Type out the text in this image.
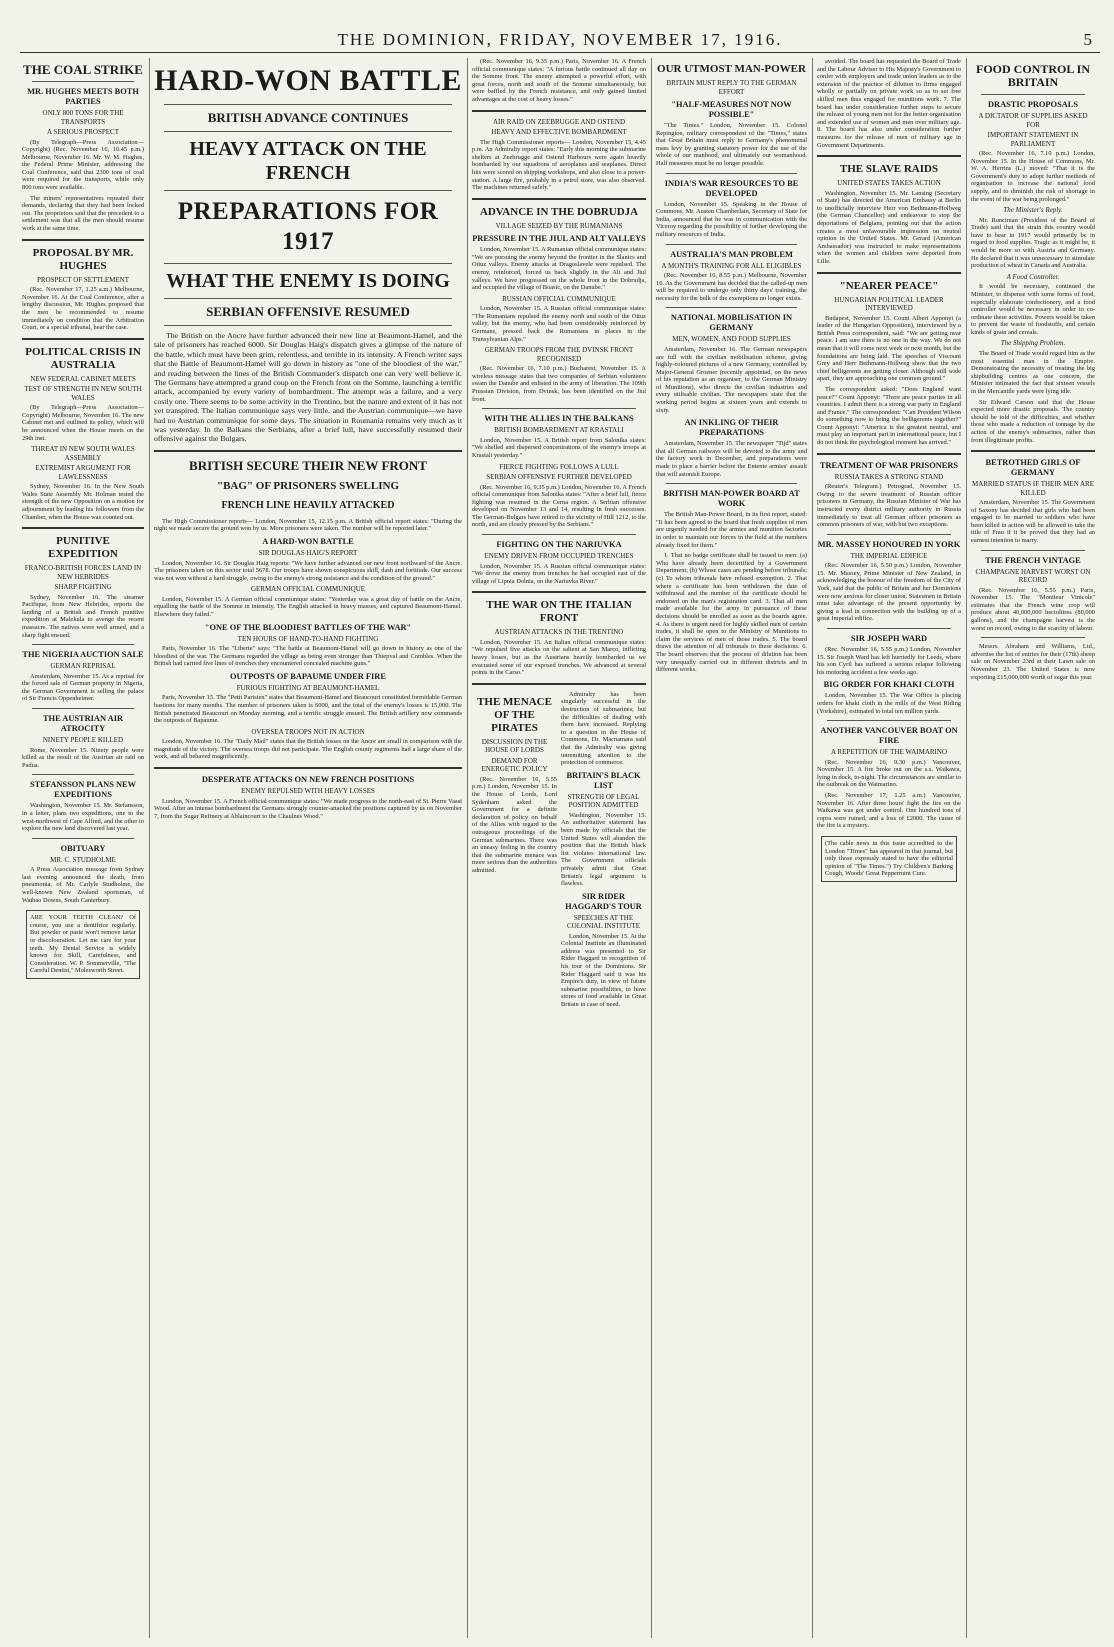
THE DOMINION, FRIDAY, NOVEMBER 17, 1916.	5
THE COAL STRIKE
MR. HUGHES MEETS BOTH PARTIES
ONLY 800 TONS FOR THE TRANSPORTS
A SERIOUS PROSPECT

(By Telegraph—Press Association—Copyright) (Rec. November 16, 10.45 p.m.) Melbourne, November 16. Mr. W. M. Hughes, the Federal Prime Minister, addressing the Coal Conference, said that 2300 tons of coal were required for the transports, while only 800 tons were available.

The miners' representatives repeated their demands, declaring that they had been locked out. The proprietors said that the precedent to a settlement was that all the men should resume work at the same time.

PROPOSAL BY MR. HUGHES
PROSPECT OF SETTLEMENT

(Rec. November 17, 1.25 a.m.) Melbourne, November 16. At the Coal Conference, after a lengthy discussion, Mr. Hughes proposed that the men be recommended to resume immediately on condition that the Arbitration Court, or a special tribunal, hear the case.

POLITICAL CRISIS IN AUSTRALIA
NEW FEDERAL CABINET MEETS
TEST OF STRENGTH IN NEW SOUTH WALES

(By Telegraph—Press Association—Copyright) Melbourne, November 16. The new Cabinet met and outlined its policy, which will be announced when the House meets on the 29th inst.

THREAT IN NEW SOUTH WALES ASSEMBLY
EXTREMIST ARGUMENT FOR LAWLESSNESS

Sydney, November 16. In the New South Wales State Assembly Mr. Holman tested the strength of the new Opposition on a motion for adjournment by leading his followers from the Chamber, when the House was counted out.

PUNITIVE EXPEDITION
FRANCO-BRITISH FORCES LAND IN NEW HEBRIDES
SHARP FIGHTING

Sydney, November 16. The steamer Pacifique, from New Hebrides, reports the landing of a British and French punitive expedition at Malekula to avenge the recent massacre. The natives were well armed, and a sharp fight ensued.

THE NIGERIA AUCTION SALE
GERMAN REPRISAL

Amsterdam, November 15. As a reprisal for the forced sale of German property in Nigeria, the German Government is selling the palace of Sir Francis Oppenheimer.

THE AUSTRIAN AIR ATROCITY
NINETY PEOPLE KILLED

Rome, November 15. Ninety people were killed as the result of the Austrian air raid on Padua.

STEFANSSON PLANS NEW EXPEDITIONS

Washington, November 15. Mr. Stefansson, in a letter, plans two expeditions, one to the west-northwest of Cape Alfred, and the other to explore the new land discovered last year.

OBITUARY
MR. C. STUDHOLME

A Press Association message from Sydney last evening announced the death, from pneumonia, of Mr. Carlyle Studholme, the well-known New Zealand sportsman, of Waihao Downs, South Canterbury.

ARE YOUR TEETH CLEAN? Of course, you use a dentifrice regularly. But powder or paste won't remove tartar or discolouration. Let me care for your teeth. My Dental Service is widely known for Skill, Carefulness, and Consideration. W. P. Sommerville, "The Careful Dentist," Molesworth Street.
HARD-WON BATTLE
BRITISH ADVANCE CONTINUES
HEAVY ATTACK ON THE FRENCH
PREPARATIONS FOR 1917
WHAT THE ENEMY IS DOING
SERBIAN OFFENSIVE RESUMED

The British on the Ancre have further advanced their new line at Beaumont-Hamel, and the tale of prisoners has reached 6000. Sir Douglas Haig's dispatch gives a glimpse of the nature of the battle, which must have been grim, relentless, and terrible in its intensity. A French writer says that the Battle of Beaumont-Hamel will go down in history as "one of the bloodiest of the war," and reading between the lines of the British Commander's dispatch one can very well believe it. The Germans have attempted a grand coup on the French front on the Somme, launching a terrific attack, accompanied by every variety of bombardment. The attempt was a failure, and a very costly one. There seems to be some activity in the Trentino, but the nature and extent of it has not yet transpired. The Italian communique says very little, and the Austrian communique—we have had no Austrian communique for some days. The situation in Roumania remains very much as it was yesterday. In the Balkans the Serbians, after a brief lull, have successfully resumed their offensive against the Bulgars.

BRITISH SECURE THEIR NEW FRONT
"BAG" OF PRISONERS SWELLING
FRENCH LINE HEAVILY ATTACKED

The High Commissioner reports— London, November 15, 12.15 p.m. A British official report states: "During the night we made secure the ground won by us. More prisoners were taken. The number will be reported later."

A HARD-WON BATTLE
SIR DOUGLAS HAIG'S REPORT

London, November 16. Sir Douglas Haig reports: "We have further advanced our new front northward of the Ancre. The prisoners taken on this sector total 5678. Our troops have shown conspicuous skill, dash and fortitude. Our success was not won without a hard struggle, owing to the enemy's strong resistance and the condition of the ground."

GERMAN OFFICIAL COMMUNIQUE

London, November 15. A German official communique states: "Yesterday was a great day of battle on the Ancre, equalling the battle of the Somme in intensity. The English attacked in heavy masses, and captured Beaumont-Hamel. Elsewhere they failed."

"ONE OF THE BLOODIEST BATTLES OF THE WAR"
TEN HOURS OF HAND-TO-HAND FIGHTING

Paris, November 16. The "Liberte" says: "The battle at Beaumont-Hamel will go down in history as one of the bloodiest of the war. The Germans regarded the village as being even stronger than Thiepval and Combles. When the British had carried five lines of trenches they encountered concealed machine guns."

OUTPOSTS OF BAPAUME UNDER FIRE
FURIOUS FIGHTING AT BEAUMONT-HAMEL

Paris, November 15. The "Petit Parisien" states that Beaumont-Hamel and Beaucourt constituted formidable German bastions for many months. The number of prisoners taken is 6000, and the total of the enemy's losses is 15,000. The British penetrated Beaucourt on Monday morning, and a terrific struggle ensued. The British artillery now commands the outposts of Bapaume.

OVERSEA TROOPS NOT IN ACTION

London, November 16. The "Daily Mail" states that the British losses on the Ancre are small in comparison with the magnitude of the victory. The oversea troops did not participate. The English county regiments had a large share of the work, and all behaved magnificently.

DESPERATE ATTACKS ON NEW FRENCH POSITIONS
ENEMY REPULSED WITH HEAVY LOSSES

London, November 15. A French official communique states: "We made progress to the north-east of St. Pierre Vaast Wood. After an intense bombardment the Germans strongly counter-attacked the positions captured by us on November 7, from the Sugar Refinery at Ablaincourt to the Chaulnes Wood."

(Rec. November 16, 9.35 p.m.) Paris, November 16. A French official communique states: "A furious battle continued all day on the Somme front. The enemy attempted a powerful effort, with great forces, north and south of the Somme simultaneously, but were baffled by the French resistance, and only gained limited advantages at the cost of heavy losses."

AIR RAID ON ZEEBRUGGE AND OSTEND
HEAVY AND EFFECTIVE BOMBARDMENT

The High Commissioner reports— London, November 15, 4.45 p.m. An Admiralty report states: "Early this morning the submarine shelters at Zeebrugge and Ostend Harbours were again heavily bombarded by our squadrons of aeroplanes and seaplanes. Direct hits were scored on shipping workshops, and also close to a power-station. A large fire, probably in a petrol store, was also observed. The machines returned safely."

ADVANCE IN THE DOBRUDJA
VILLAGE SEIZED BY THE RUMANIANS
PRESSURE IN THE JIUL AND ALT VALLEYS

London, November 15. A Rumanian official communique states: "We are pursuing the enemy beyond the frontier in the Slanics and Oituz valleys. Enemy attacks at Dragoslavele were repulsed. The enemy, reinforced, forced us back slightly in the Alt and Jiul valleys. We have progressed on the whole front in the Dobrudja, and occupied the village of Boasic, on the Danube."

RUSSIAN OFFICIAL COMMUNIQUE

London, November 15. A Russian official communique states: "The Rumanians repulsed the enemy north and south of the Oituz valley, but the enemy, who had been considerably reinforced by Germans, pressed back the Rumanians in places in the Transylvanian Alps."

GERMAN TROOPS FROM THE DVINSK FRONT RECOGNISED

(Rec. November 16, 7.10 p.m.) Bucharest, November 15. A wireless message states that two companies of Serbian volunteers swam the Danube and enlisted in the army of liberation. The 109th Prussian Division, from Dvinsk, has been identified on the Jiul front.

WITH THE ALLIES IN THE BALKANS
BRITISH BOMBARDMENT AT KRASTALI

London, November 15. A British report from Salonika states: "We shelled and dispersed concentrations of the enemy's troops at Krastali yesterday."

FIERCE FIGHTING FOLLOWS A LULL
SERBIAN OFFENSIVE FURTHER DEVELOPED

(Rec. November 16, 9.35 p.m.) London, November 16. A French official communique from Salonika states: "After a brief lull, fierce fighting was resumed in the Cerna region. A Serbian offensive developed on November 13 and 14, resulting in fresh successes. The German-Bulgars have retired to the vicinity of Hill 1212, to the north, and are closely pressed by the Serbians."

FIGHTING ON THE NARIUVKA
ENEMY DRIVEN FROM OCCUPIED TRENCHES

London, November 15. A Russian official communique states: "We drove the enemy from trenches he had occupied east of the village of Lipnia Dolnia, on the Nariuvka River."

THE WAR ON THE ITALIAN FRONT
AUSTRIAN ATTACKS IN THE TRENTINO

London, November 15. An Italian official communique states: "We repulsed five attacks on the salient at San Marco, inflicting heavy losses, but as the Austrians heavily bombarded us we evacuated some of our exposed trenches. We advanced at several points in the Carso."

THE MENACE OF THE PIRATES
DISCUSSION IN THE HOUSE OF LORDS
DEMAND FOR ENERGETIC POLICY

(Rec. November 16, 5.55 p.m.) London, November 15. In the House of Lords, Lord Sydenham asked the Government for a definite declaration of policy on behalf of the Allies with regard to the outrageous proceedings of the German submarines. There was an uneasy feeling in the country that the submarine menace was more serious than the authorities admitted.

Admiralty has been singularly successful in the destruction of submarines, but the difficulties of dealing with them have increased. Replying to a question in the House of Commons, Dr. Macnamara said that the Admiralty was giving unremitting attention to the protection of commerce.

BRITAIN'S BLACK LIST
STRENGTH OF LEGAL POSITION ADMITTED

Washington, November 15. An authoritative statement has been made by officials that the United States will abandon the position that the British black list violates international law. The Government officials privately admit that Great Britain's legal argument is flawless.

SIR RIDER HAGGARD'S TOUR
SPEECHES AT THE COLONIAL INSTITUTE

London, November 15. At the Colonial Institute an illuminated address was presented to Sir Rider Haggard in recognition of his tour of the Dominions. Sir Rider Haggard said it was his Empire's duty, in view of future submarine possibilities, to have stores of food available in Great Britain in case of need.

OUR UTMOST MAN-POWER
BRITAIN MUST REPLY TO THE GERMAN EFFORT
"HALF-MEASURES NOT NOW POSSIBLE"

"The Times." London, November 15. Colonel Repington, military correspondent of the "Times," states that Great Britain must reply to Germany's phenomenal mass levy by granting statutory power for the use of the whole of our manhood, and ultimately our womanhood. Half measures must be no longer possible.

INDIA'S WAR RESOURCES TO BE DEVELOPED

London, November 15. Speaking in the House of Commons, Mr. Austen Chamberlain, Secretary of State for India, announced that he was in communication with the Viceroy regarding the possibility of further developing the military resources of India.

AUSTRALIA'S MAN PROBLEM
A MONTH'S TRAINING FOR ALL ELIGIBLES

(Rec. November 16, 8.55 p.m.) Melbourne, November 16. As the Government has decided that the called-up men will be required to undergo only thirty days' training, the necessity for the bulk of the exemptions no longer exists.

NATIONAL MOBILISATION IN GERMANY
MEN, WOMEN, AND FOOD SUPPLIES

Amsterdam, November 16. The German newspapers are full with the civilian mobilisation scheme, giving highly-coloured pictures of a new Germany, controlled by Major-General Groener (recently appointed, on the news of his reputation as an organiser, to the German Ministry of Munitions), who directs the civilian industries and every utilisable civilian. The newspapers state that the working period begins at sixteen years and extends to sixty.

AN INKLING OF THEIR PREPARATIONS

Amsterdam, November 15. The newspaper "Tijd" states that all German railways will be devoted to the army and the factory work in December, and preparations were made to place a barrier before the Entente armies' assault that will astonish Europe.

BRITISH MAN-POWER BOARD AT WORK

The British Man-Power Board, in its first report, stated: "It has been agreed to the board that fresh supplies of men are urgently needed for the armies and munition factories in order to maintain our forces in the field at the numbers already fixed for them."

1. That no badge certificate shall be issued to men: (a) Who have already been decertified by a Government Department; (b) Whose cases are pending before tribunals; (c) To whom tribunals have refused exemption. 2. That where a certificate has been withdrawn the date of withdrawal and the number of the certificate should be endorsed on the man's registration card. 3. That all men made available for the army in pursuance of these decisions should be enrolled as soon as the boards agree. 4. As there is urgent need for highly skilled men of certain trades, it shall be open to the Ministry of Munitions to claim the services of men of those trades. 5. The board draws the attention of all tribunals to these decisions. 6. The board observes that the process of dilution has been very unequally carried out in different districts and in different works.

avoided. The board has requested the Board of Trade and the Labour Adviser to His Majesty's Government to confer with employers and trade union leaders as to the extension of the practice of dilution to firms engaged wholly or partially on private work so as to set free skilled men thus engaged for munitions work. 7. The board has under consideration further steps to secure the release of young men not for the better organisation and extended use of women and men over military age. 8. The board has also under consideration further measures for the release of men of military age in Government Departments.

THE SLAVE RAIDS
UNITED STATES TAKES ACTION

Washington, November 15. Mr. Lansing (Secretary of State) has directed the American Embassy at Berlin to unofficially interview Herr von Bethmann-Hollweg (the German Chancellor) and endeavour to stop the deportations of Belgians, pointing out that the action creates a most unfavourable impression on neutral opinion in the United States. Mr. Gerard (American Ambassador) was instructed to make representations when the women and children were deported from Lille.

"NEARER PEACE"
HUNGARIAN POLITICAL LEADER INTERVIEWED

Budapest, November 15. Count Albert Apponyi (a leader of the Hungarian Opposition), interviewed by a British Press correspondent, said: "We are getting near peace. I am sure there is no one in the way. We do not mean that it will come next week or next month, but the foundations are being laid. The speeches of Viscount Grey and Herr Bethmann-Hollweg show that the two chief belligerents are getting closer. Although still wide apart, they are approaching one common ground."

The correspondent asked: "Does England want peace?" Count Apponyi: "There are peace parties in all countries. I admit there is a strong war party in England and France." The correspondent: "Can President Wilson do something now to bring the belligerents together?" Count Apponyi: "America is the greatest neutral, and must play an important part in international peace, but I do not think the psychological moment has arrived."

TREATMENT OF WAR PRISONERS
RUSSIA TAKES A STRONG STAND

(Reuter's Telegram.) Petrograd, November 15. Owing to the severe treatment of Russian officer prisoners in Germany, the Russian Minister of War has instructed every district military authority in Russia immediately to treat all German officer prisoners as common prisoners of war, with but two exceptions.

MR. MASSEY HONOURED IN YORK
THE IMPERIAL EDIFICE

(Rec. November 16, 5.50 p.m.) London, November 15. Mr. Massey, Prime Minister of New Zealand, in acknowledging the honour of the freedom of the City of York, said that the public of Britain and her Dominions were now anxious for closer union. Statesmen in Britain must take advantage of the present opportunity by giving a lead in connection with the building up of a great Imperial edifice.

SIR JOSEPH WARD

(Rec. November 16, 5.55 p.m.) London, November 15. Sir Joseph Ward has left hurriedly for Leeds, where his son Cyril has suffered a serious relapse following his motoring accident a few weeks ago.

BIG ORDER FOR KHAKI CLOTH

London, November 15. The War Office is placing orders for khaki cloth in the mills of the West Riding (Yorkshire), estimated to total ten million yards.

ANOTHER VANCOUVER BOAT ON FIRE
A REPETITION OF THE WAIMARINO

(Rec. November 16, 9.30 p.m.) Vancouver, November 15. A fire broke out on the s.s. Waikawa, lying in dock, to-night. The circumstances are similar to the outbreak on the Waimarino.

(Rec. November 17, 1.25 a.m.) Vancouver, November 16. After three hours' fight the fire on the Waikawa was got under control. One hundred tons of copra were ruined, and a loss of £2000. The cause of the fire is a mystery.

(The cable news in this issue accredited to the London "Times" has appeared in that journal, but only those expressly stated to have the editorial opinion of "The Times.") Try Children's Barking Cough, Woods' Great Peppermint Cure.
FOOD CONTROL IN BRITAIN
DRASTIC PROPOSALS
A DICTATOR OF SUPPLIES ASKED FOR
IMPORTANT STATEMENT IN PARLIAMENT

(Rec. November 16, 7.10 p.m.) London, November 15. In the House of Commons, Mr. W. A. Herrins (L.) moved: "That it is the Government's duty to adopt further methods of organisation to increase the national food supply, and to diminish the risk of shortage in the event of the war being prolonged."

The Minister's Reply.

Mr. Runciman (President of the Board of Trade) said that the strain this country would have to bear in 1917 would primarily be in regard to food supplies. Tragic as it might be, it would be more so with Austria and Germany. He declared that it was unnecessary to stimulate production of wheat in Canada and Australia.

A Food Controller.

It would be necessary, continued the Minister, to dispense with some forms of food, especially elaborate confectionery, and a food controller would be necessary in order to co-ordinate these activities. Powers would be taken to prevent the waste of foodstuffs, and certain kinds of grain and cereals.

The Shipping Problem.

The Board of Trade would regard him as the most essential man in the Empire. Demonstrating the necessity of treating the big shipbuilding centres as one concern, the Minister intimated the fact that sixteen vessels in the Mercantile yards were lying idle.

Sir Edward Carson said that the House expected more drastic proposals. The country should be told of the difficulties, and whether those who made a reduction of tonnage by the action of the enemy's submarines, rather than from illegitimate profits.

BETROTHED GIRLS OF GERMANY
MARRIED STATUS IF THEIR MEN ARE KILLED

Amsterdam, November 15. The Government of Saxony has decided that girls who had been engaged to be married to soldiers who have been killed in action will be allowed to take the title of Frau if it be proved that they had an earnest intention to marry.

THE FRENCH VINTAGE
CHAMPAGNE HARVEST WORST ON RECORD

(Rec. November 16, 5.55 p.m.) Paris, November 15. The "Moniteur Vinicole" estimates that the French wine crop will produce about 40,000,000 hectolitres (80,000 gallons), and the champagne harvest is the worst on record, owing to the scarcity of labour.

Messrs. Abraham and Williams, Ltd., advertise the list of entries for their (17th) sheep sale on November 23rd at their Lawn sale on November 23. The United States is now exporting £15,000,000 worth of sugar this year.
